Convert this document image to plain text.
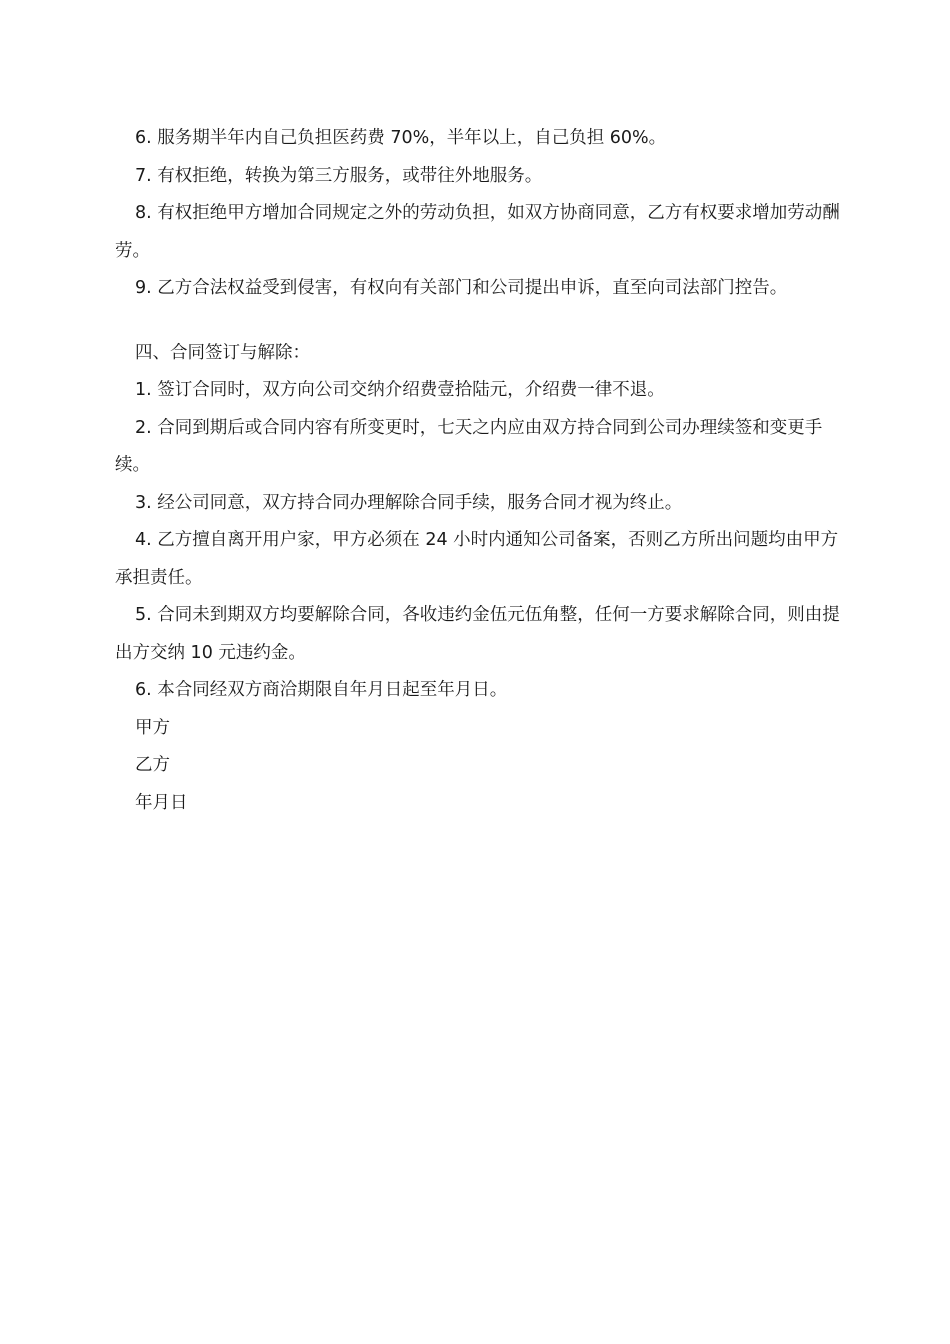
6. 服务期半年内自己负担医药费 70%，半年以上，自己负担 60%。

7. 有权拒绝，转换为第三方服务，或带往外地服务。

8. 有权拒绝甲方增加合同规定之外的劳动负担，如双方协商同意，乙方有权要求增加劳动酬劳。

9. 乙方合法权益受到侵害，有权向有关部门和公司提出申诉，直至向司法部门控告。

四、合同签订与解除：

1. 签订合同时，双方向公司交纳介绍费壹拾陆元，介绍费一律不退。

2. 合同到期后或合同内容有所变更时，七天之内应由双方持合同到公司办理续签和变更手续。

3. 经公司同意，双方持合同办理解除合同手续，服务合同才视为终止。

4. 乙方擅自离开用户家，甲方必须在 24 小时内通知公司备案，否则乙方所出问题均由甲方承担责任。

5. 合同未到期双方均要解除合同，各收违约金伍元伍角整，任何一方要求解除合同，则由提出方交纳 10 元违约金。

6. 本合同经双方商洽期限自年月日起至年月日。

甲方

乙方

年月日
